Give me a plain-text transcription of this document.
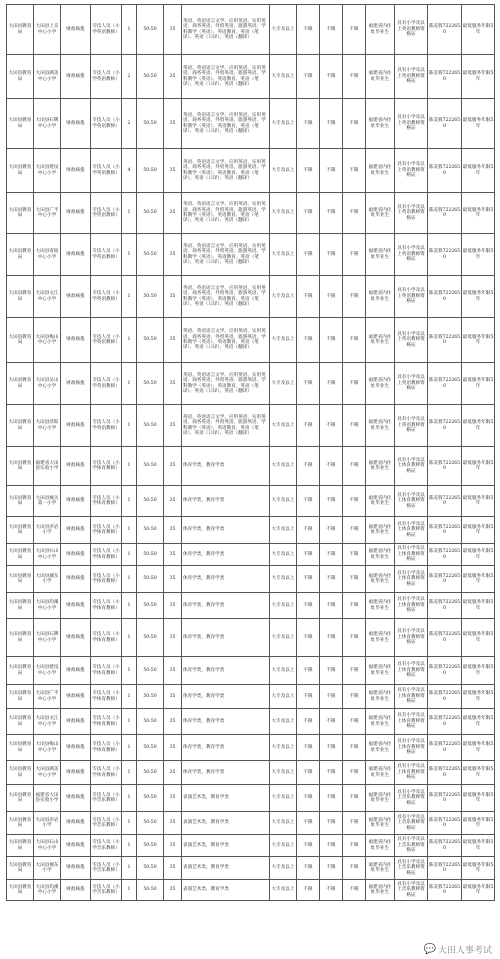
大田县教育局	大田县上京中心小学	财政核拨	专技人员（小学英语教师）	1	50:50	35	英语、英语语言文学、应用英语、实用英语、商务英语、外贸英语、旅游英语、学科教学（英语）、英语教育、英语（笔译）、英语（口译）、英语（翻译）	大专及以上	不限	不限	不限	福建省内住址毕业生	具有小学及以上英语教师资格证	陈美蓉7222650	最低服务年限5年
大田县教育局	大田县湖美中心小学	财政核拨	专技人员（小学英语教师）	2	50:50	35	英语、英语语言文学、应用英语、实用英语、商务英语、外贸英语、旅游英语、学科教学（英语）、英语教育、英语（笔译）、英语（口译）、英语（翻译）	大专及以上	不限	不限	不限	福建省内住址毕业生	具有小学及以上英语教师资格证	陈美蓉7222650	最低服务年限5年
大田县教育局	大田县石牌中心小学	财政核拨	专技人员（小学英语教师）	2	50:50	35	英语、英语语言文学、应用英语、实用英语、商务英语、外贸英语、旅游英语、学科教学（英语）、英语教育、英语（笔译）、英语（口译）、英语（翻译）	大专及以上	不限	不限	不限	福建省内住址毕业生	具有小学及以上英语教师资格证	陈美蓉7222650	最低服务年限5年
大田县教育局	大田县建设中心小学	财政核拨	专技人员（小学英语教师）	4	50:50	35	英语、英语语言文学、应用英语、实用英语、商务英语、外贸英语、旅游英语、学科教学（英语）、英语教育、英语（笔译）、英语（口译）、英语（翻译）	大专及以上	不限	不限	不限	福建省内住址毕业生	具有小学及以上英语教师资格证	陈美蓉7222650	最低服务年限5年
大田县教育局	大田县广平中心小学	财政核拨	专技人员（小学英语教师）	1	50:50	35	英语、英语语言文学、应用英语、实用英语、商务英语、外贸英语、旅游英语、学科教学（英语）、英语教育、英语（笔译）、英语（口译）、英语（翻译）	大专及以上	不限	不限	不限	福建省内住址毕业生	具有小学及以上英语教师资格证	陈美蓉7222650	最低服务年限5年
大田县教育局	大田县奇韬中心小学	财政核拨	专技人员（小学英语教师）	1	50:50	35	英语、英语语言文学、应用英语、实用英语、商务英语、外贸英语、旅游英语、学科教学（英语）、英语教育、英语（笔译）、英语（口译）、英语（翻译）	大专及以上	不限	不限	不限	福建省内住址毕业生	具有小学及以上英语教师资格证	陈美蓉7222650	最低服务年限5年
大田县教育局	大田县文江中心小学	财政核拨	专技人员（小学英语教师）	1	50:50	35	英语、英语语言文学、应用英语、实用英语、商务英语、外贸英语、旅游英语、学科教学（英语）、英语教育、英语（笔译）、英语（口译）、英语（翻译）	大专及以上	不限	不限	不限	福建省内住址毕业生	具有小学及以上英语教师资格证	陈美蓉7222650	最低服务年限5年
大田县教育局	大田县梅山中心小学	财政核拨	专技人员（小学英语教师）	1	50:50	35	英语、英语语言文学、应用英语、实用英语、商务英语、外贸英语、旅游英语、学科教学（英语）、英语教育、英语（笔译）、英语（口译）、英语（翻译）	大专及以上	不限	不限	不限	福建省内住址毕业生	具有小学及以上英语教师资格证	陈美蓉7222650	最低服务年限5年
大田县教育局	大田县吴山中心小学	财政核拨	专技人员（小学英语教师）	1	50:50	35	英语、英语语言文学、应用英语、实用英语、商务英语、外贸英语、旅游英语、学科教学（英语）、英语教育、英语（笔译）、英语（口译）、英语（翻译）	大专及以上	不限	不限	不限	福建省内住址毕业生	具有小学及以上英语教师资格证	陈美蓉7222650	最低服务年限5年
大田县教育局	大田县济阳中心小学	财政核拨	专技人员（小学英语教师）	1	50:50	35	英语、英语语言文学、应用英语、实用英语、商务英语、外贸英语、旅游英语、学科教学（英语）、英语教育、英语（笔译）、英语（口译）、英语（翻译）	大专及以上	不限	不限	不限	福建省内住址毕业生	具有小学及以上英语教师资格证	陈美蓉7222650	最低服务年限5年
大田县教育局	福建省大田县实验小学	财政核拨	专技人员（小学体育教师）	1	50:50	35	体育学类，教育学类	大专及以上	不限	不限	不限	福建省内住址毕业生	具有小学及以上体育教师资格证	陈美蓉7222650	最低服务年限5年
大田县教育局	大田县城关第一小学	财政核拨	专技人员（小学体育教师）	1	50:50	35	体育学类，教育学类	大专及以上	不限	不限	不限	福建省内住址毕业生	具有小学及以上体育教师资格证	陈美蓉7222650	最低服务年限5年
大田县教育局	大田县赤岩小学	财政核拨	专技人员（小学体育教师）	1	50:50	35	体育学类，教育学类	大专及以上	不限	不限	不限	福建省内住址毕业生	具有小学及以上体育教师资格证	陈美蓉7222650	最低服务年限5年
大田县教育局	大田县石山中心小学	财政核拨	专技人员（小学体育教师）	1	50:50	35	体育学类，教育学类	大专及以上	不限	不限	不限	福建省内住址毕业生	具有小学及以上体育教师资格证	陈美蓉7222650	最低服务年限5年
大田县教育局	大田县城东小学	财政核拨	专技人员（小学体育教师）	1	50:50	35	体育学类，教育学类	大专及以上	不限	不限	不限	福建省内住址毕业生	具有小学及以上体育教师资格证	陈美蓉7222650	最低服务年限5年
大田县教育局	大田县均溪中心小学	财政核拨	专技人员（小学体育教师）	1	50:50	35	体育学类，教育学类	大专及以上	不限	不限	不限	福建省内住址毕业生	具有小学及以上体育教师资格证	陈美蓉7222650	最低服务年限5年
大田县教育局	大田县石牌中心小学	财政核拨	专技人员（小学体育教师）	1	50:50	35	体育学类，教育学类	大专及以上	不限	不限	不限	福建省内住址毕业生	具有小学及以上体育教师资格证	陈美蓉7222650	最低服务年限5年
大田县教育局	大田县建设中心小学	财政核拨	专技人员（小学体育教师）	1	50:50	35	体育学类，教育学类	大专及以上	不限	不限	不限	福建省内住址毕业生	具有小学及以上体育教师资格证	陈美蓉7222650	最低服务年限5年
大田县教育局	大田县广平中心小学	财政核拨	专技人员（小学体育教师）	1	50:50	35	体育学类，教育学类	大专及以上	不限	不限	不限	福建省内住址毕业生	具有小学及以上体育教师资格证	陈美蓉7222650	最低服务年限5年
大田县教育局	大田县文江中心小学	财政核拨	专技人员（小学体育教师）	1	50:50	35	体育学类，教育学类	大专及以上	不限	不限	不限	福建省内住址毕业生	具有小学及以上体育教师资格证	陈美蓉7222650	最低服务年限5年
大田县教育局	大田县梅山中心小学	财政核拨	专技人员（小学体育教师）	1	50:50	35	体育学类，教育学类	大专及以上	不限	不限	不限	福建省内住址毕业生	具有小学及以上体育教师资格证	陈美蓉7222650	最低服务年限5年
大田县教育局	大田县湖美中心小学	财政核拨	专技人员（小学体育教师）	1	50:50	35	体育学类，教育学类	大专及以上	不限	不限	不限	福建省内住址毕业生	具有小学及以上体育教师资格证	陈美蓉7222650	最低服务年限5年
大田县教育局	福建省大田县实验小学	财政核拨	专技人员（小学音乐教师）	1	50:50	35	表演艺术类，教育学类	大专及以上	不限	不限	不限	福建省内住址毕业生	具有小学及以上音乐教师资格证	陈美蓉7222650	最低服务年限5年
大田县教育局	大田县赤岩小学	财政核拨	专技人员（小学音乐教师）	1	50:50	35	表演艺术类，教育学类	大专及以上	不限	不限	不限	福建省内住址毕业生	具有小学及以上音乐教师资格证	陈美蓉7222650	最低服务年限5年
大田县教育局	大田县石山中心小学	财政核拨	专技人员（小学音乐教师）	1	50:50	35	表演艺术类，教育学类	大专及以上	不限	不限	不限	福建省内住址毕业生	具有小学及以上音乐教师资格证	陈美蓉7222650	最低服务年限5年
大田县教育局	大田县城东小学	财政核拨	专技人员（小学音乐教师）	1	50:50	35	表演艺术类，教育学类	大专及以上	不限	不限	不限	福建省内住址毕业生	具有小学及以上音乐教师资格证	陈美蓉7222650	最低服务年限5年
大田县教育局	大田县均溪中心小学	财政核拨	专技人员（小学音乐教师）	1	50:50	35	表演艺术类，教育学类	大专及以上	不限	不限	不限	福建省内住址毕业生	具有小学及以上音乐教师资格证	陈美蓉7222650	最低服务年限5年
💬 大田人事考试
